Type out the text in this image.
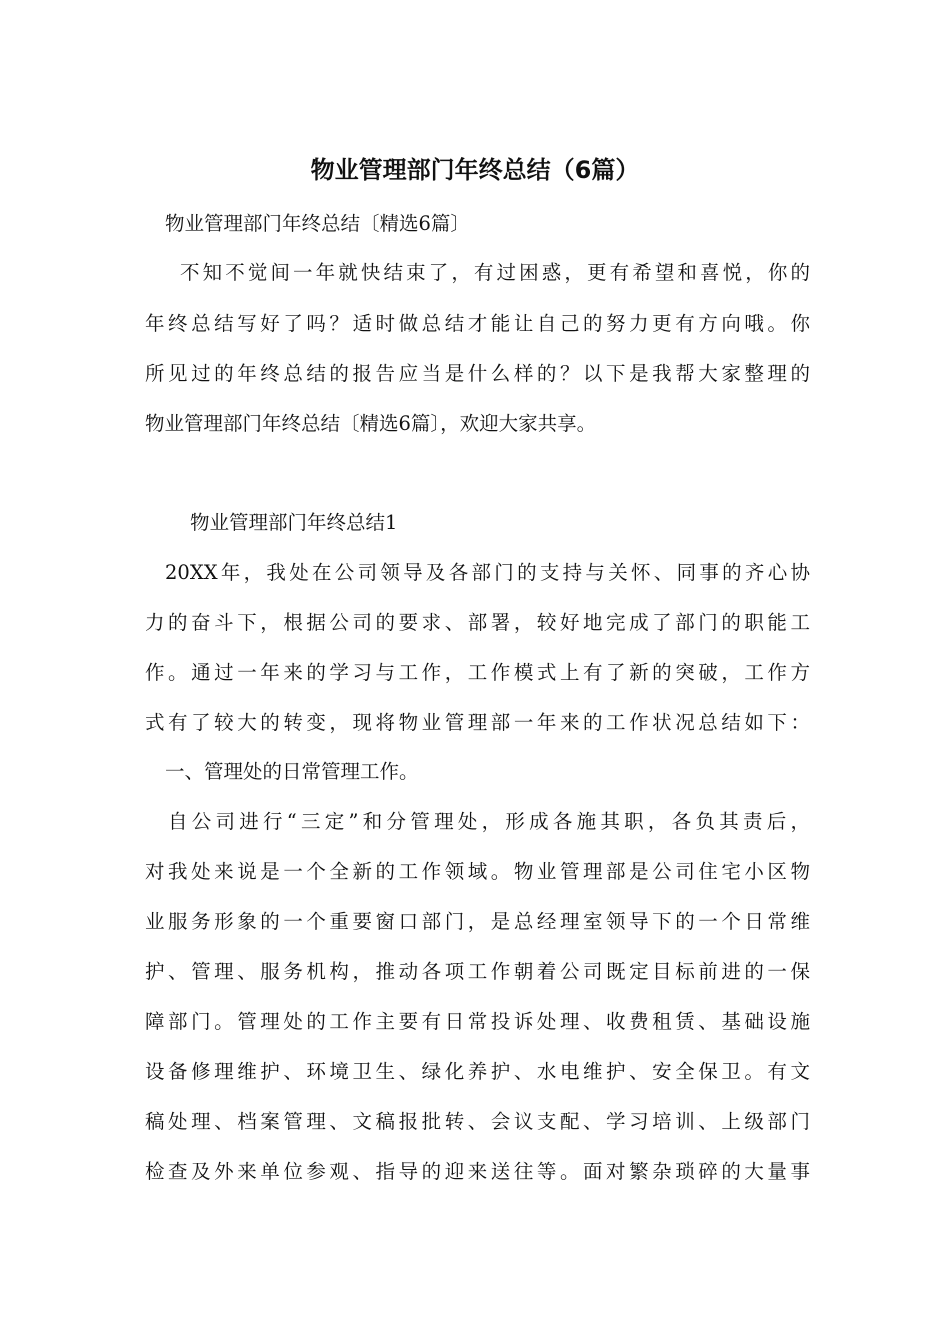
物业管理部门年终总结（6篇）
物业管理部门年终总结〔精选6篇〕
不知不觉间一年就快结束了，有过困惑，更有希望和喜悦，你的
年终总结写好了吗？适时做总结才能让自己的努力更有方向哦。你
所见过的年终总结的报告应当是什么样的？以下是我帮大家整理的
物业管理部门年终总结〔精选6篇〕，欢迎大家共享。
物业管理部门年终总结1
20XX年，我处在公司领导及各部门的支持与关怀、同事的齐心协
力的奋斗下，根据公司的要求、部署，较好地完成了部门的职能工
作。通过一年来的学习与工作，工作模式上有了新的突破，工作方
式有了较大的转变，现将物业管理部一年来的工作状况总结如下：
一、管理处的日常管理工作。
自公司进行“三定”和分管理处，形成各施其职，各负其责后，
对我处来说是一个全新的工作领域。物业管理部是公司住宅小区物
业服务形象的一个重要窗口部门，是总经理室领导下的一个日常维
护、管理、服务机构，推动各项工作朝着公司既定目标前进的一保
障部门。管理处的工作主要有日常投诉处理、收费租赁、基础设施
设备修理维护、环境卫生、绿化养护、水电维护、安全保卫。有文
稿处理、档案管理、文稿报批转、会议支配、学习培训、上级部门
检查及外来单位参观、指导的迎来送往等。面对繁杂琐碎的大量事
